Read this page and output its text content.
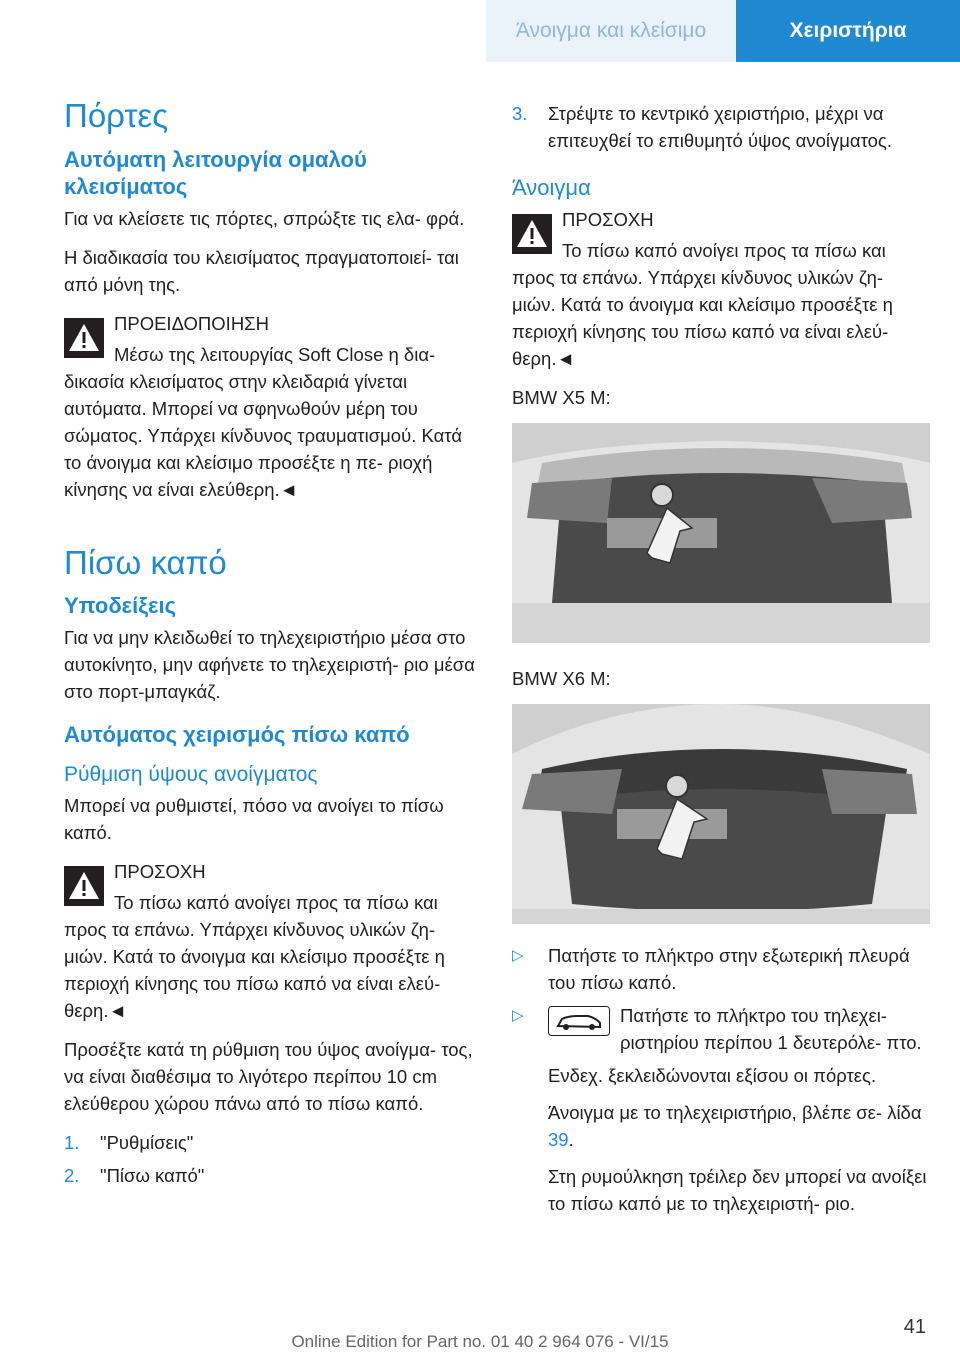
Άνοιγμα και κλείσιμο	Χειριστήρια
Πόρτες
Αυτόματη λειτουργία ομαλού κλεισίματος

Για να κλείσετε τις πόρτες, σπρώξτε τις ελα‐ φρά.

Η διαδικασία του κλεισίματος πραγματοποιεί‐ ται από μόνη της.

ΠΡΟΕΙΔΟΠΟΙΗΣΗ

Μέσω της λειτουργίας Soft Close η δια‐ δικασία κλεισίματος στην κλειδαριά γίνεται αυτόματα. Μπορεί να σφηνωθούν μέρη του σώματος. Υπάρχει κίνδυνος τραυματισμού. Κατά το άνοιγμα και κλείσιμο προσέξτε η πε‐ ριοχή κίνησης να είναι ελεύθερη.◄

Πίσω καπό
Υποδείξεις

Για να μην κλειδωθεί το τηλεχειριστήριο μέσα στο αυτοκίνητο, μην αφήνετε το τηλεχειριστή‐ ριο μέσα στο πορτ-μπαγκάζ.

Αυτόματος χειρισμός πίσω καπό
Ρύθμιση ύψους ανοίγματος

Μπορεί να ρυθμιστεί, πόσο να ανοίγει το πίσω καπό.

ΠΡΟΣΟΧΗ

Το πίσω καπό ανοίγει προς τα πίσω και προς τα επάνω. Υπάρχει κίνδυνος υλικών ζη‐ μιών. Κατά το άνοιγμα και κλείσιμο προσέξτε η περιοχή κίνησης του πίσω καπό να είναι ελεύ‐ θερη.◄

Προσέξτε κατά τη ρύθμιση του ύψος ανοίγμα‐ τος, να είναι διαθέσιμα το λιγότερο περίπου 10 cm ελεύθερου χώρου πάνω από το πίσω καπό.

1.	"Ρυθμίσεις"
2.	"Πίσω καπό"
3.	Στρέψτε το κεντρικό χειριστήριο, μέχρι να επιτευχθεί το επιθυμητό ύψος ανοίγματος.
Άνοιγμα

ΠΡΟΣΟΧΗ

Το πίσω καπό ανοίγει προς τα πίσω και προς τα επάνω. Υπάρχει κίνδυνος υλικών ζη‐ μιών. Κατά το άνοιγμα και κλείσιμο προσέξτε η περιοχή κίνησης του πίσω καπό να είναι ελεύ‐ θερη.◄

BMW X5 M:

BMW X6 M:

▷	Πατήστε το πλήκτρο στην εξωτερική πλευρά του πίσω καπό.
▷	Πατήστε το πλήκτρο του τηλεχει‐ ριστηρίου περίπου 1 δευτερόλε‐ πτο.
Ενδεχ. ξεκλειδώνονται εξίσου οι πόρτες.
Άνοιγμα με το τηλεχειριστήριο, βλέπε σε‐ λίδα 39.
Στη ρυμούλκηση τρέιλερ δεν μπορεί να ανοίξει το πίσω καπό με το τηλεχειριστή‐ ριο.
41
Online Edition for Part no. 01 40 2 964 076 - VI/15
